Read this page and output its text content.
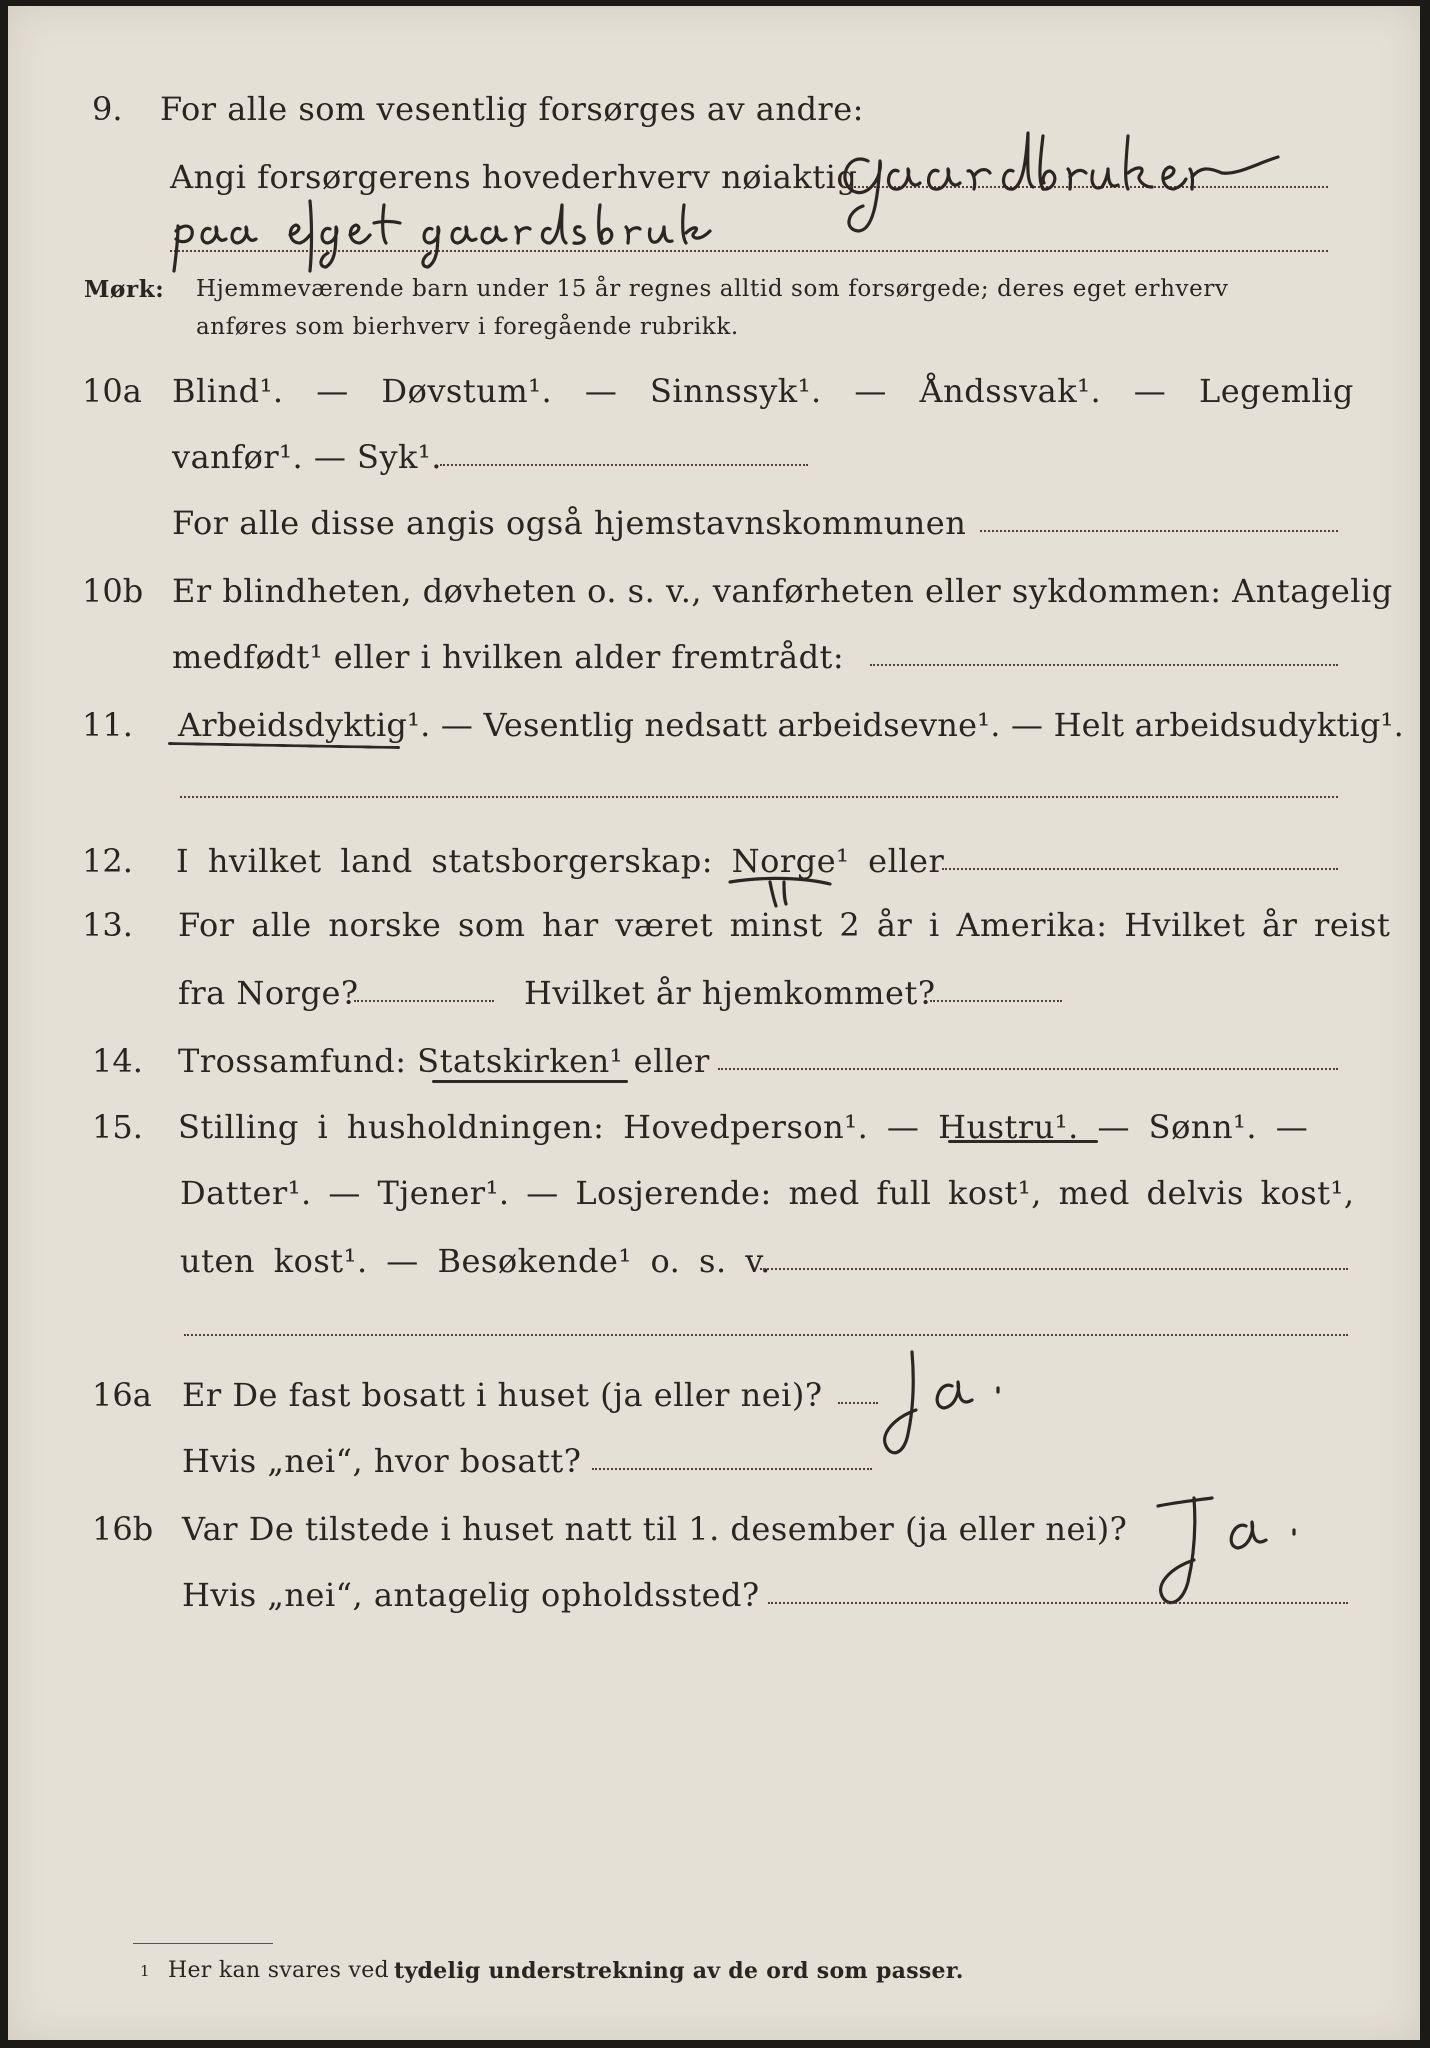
9. For alle som vesentlig forsørges av andre:
Angi forsørgerens hovederhverv nøiaktig
Mørk: Hjemmeværende barn under 15 år regnes alltid som forsørgede; deres eget erhverv
anføres som bierhverv i foregående rubrikk.
10a Blind¹. — Døvstum¹. — Sinnssyk¹. — Åndssvak¹. — Legemlig
vanfør¹. — Syk¹.
For alle disse angis også hjemstavnskommunen
10b Er blindheten, døvheten o. s. v., vanførheten eller sykdommen: Antagelig
medfødt¹ eller i hvilken alder fremtrådt:
11. Arbeidsdyktig¹. — Vesentlig nedsatt arbeidsevne¹. — Helt arbeidsudyktig¹.
12. I hvilket land statsborgerskap: Norge¹ eller
13. For alle norske som har været minst 2 år i Amerika: Hvilket år reist
fra Norge?	Hvilket år hjemkommet?
14. Trossamfund: Statskirken¹ eller
15. Stilling i husholdningen: Hovedperson¹. — Hustru¹. — Sønn¹. —
Datter¹. — Tjener¹. — Losjerende: med full kost¹, med delvis kost¹,
uten kost¹. — Besøkende¹ o. s. v.
16a Er De fast bosatt i huset (ja eller nei)?
Hvis „nei“, hvor bosatt?
16b Var De tilstede i huset natt til 1. desember (ja eller nei)?
Hvis „nei“, antagelig opholdssted?
1 Her kan svares ved tydelig understrekning av de ord som passer.
